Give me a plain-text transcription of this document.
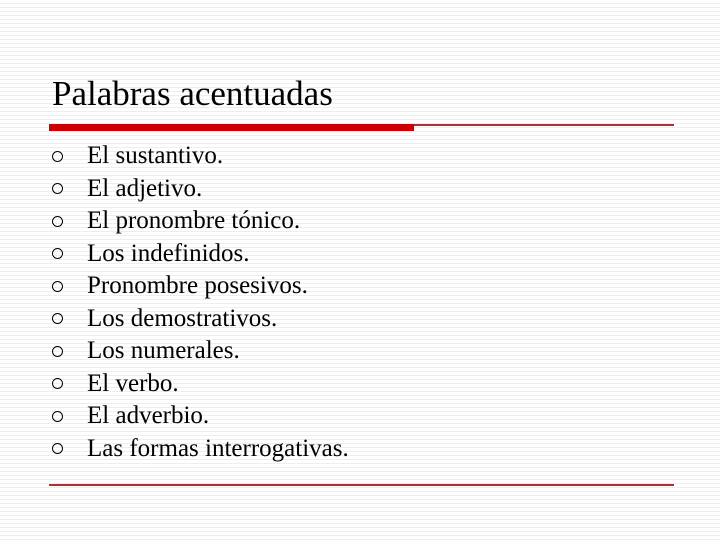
Palabras acentuadas
El sustantivo.
El adjetivo.
El pronombre tónico.
Los indefinidos.
Pronombre posesivos.
Los demostrativos.
Los numerales.
El verbo.
El adverbio.
Las formas interrogativas.
